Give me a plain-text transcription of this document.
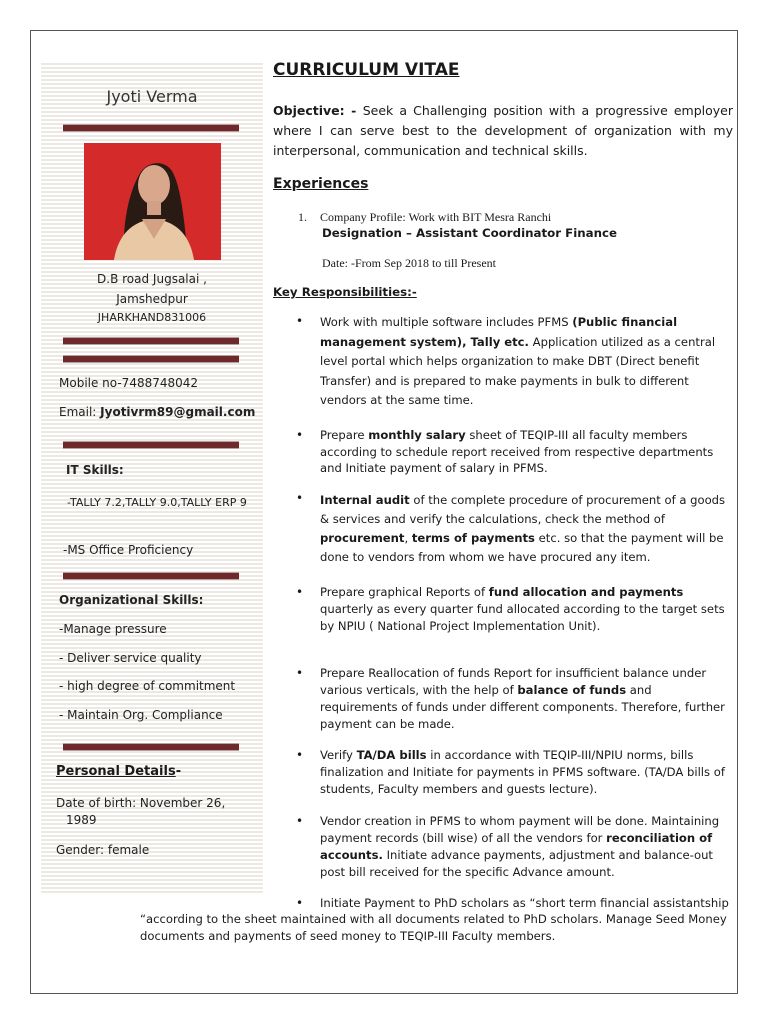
Jyoti Verma
D.B road Jugsalai ,
Jamshedpur
JHARKHAND831006
Mobile no-7488748042
Email: Jyotivrm89@gmail.com
IT Skills:
-TALLY 7.2,TALLY 9.0,TALLY ERP 9
-MS Office Proficiency
Organizational Skills:
-Manage pressure
- Deliver service quality
- high degree of commitment
- Maintain Org. Compliance
Personal Details-
Date of birth: November 26,
1989
Gender: female
CURRICULUM VITAE
Objective: - Seek a Challenging position with a progressive employer where I can serve best to the development of organization with my interpersonal, communication and technical skills.
Experiences
1. Company Profile: Work with BIT Mesra Ranchi
Designation – Assistant Coordinator Finance
Date: -From Sep 2018 to till Present
Key Responsibilities:-
• Work with multiple software includes PFMS (Public financial management system), Tally etc. Application utilized as a central level portal which helps organization to make DBT (Direct benefit Transfer) and is prepared to make payments in bulk to different vendors at the same time.
• Prepare monthly salary sheet of TEQIP-III all faculty members according to schedule report received from respective departments and Initiate payment of salary in PFMS.
• Internal audit of the complete procedure of procurement of a goods & services and verify the calculations, check the method of procurement, terms of payments etc. so that the payment will be done to vendors from whom we have procured any item.
• Prepare graphical Reports of fund allocation and payments quarterly as every quarter fund allocated according to the target sets by NPIU ( National Project Implementation Unit).
• Prepare Reallocation of funds Report for insufficient balance under various verticals, with the help of balance of funds and requirements of funds under different components. Therefore, further payment can be made.
• Verify TA/DA bills in accordance with TEQIP-III/NPIU norms, bills finalization and Initiate for payments in PFMS software. (TA/DA bills of students, Faculty members and guests lecture).
• Vendor creation in PFMS to whom payment will be done. Maintaining payment records (bill wise) of all the vendors for reconciliation of accounts. Initiate advance payments, adjustment and balance-out post bill received for the specific Advance amount.
• Initiate Payment to PhD scholars as “short term financial assistantship
“according to the sheet maintained with all documents related to PhD scholars. Manage Seed Money
documents and payments of seed money to TEQIP-III Faculty members.
